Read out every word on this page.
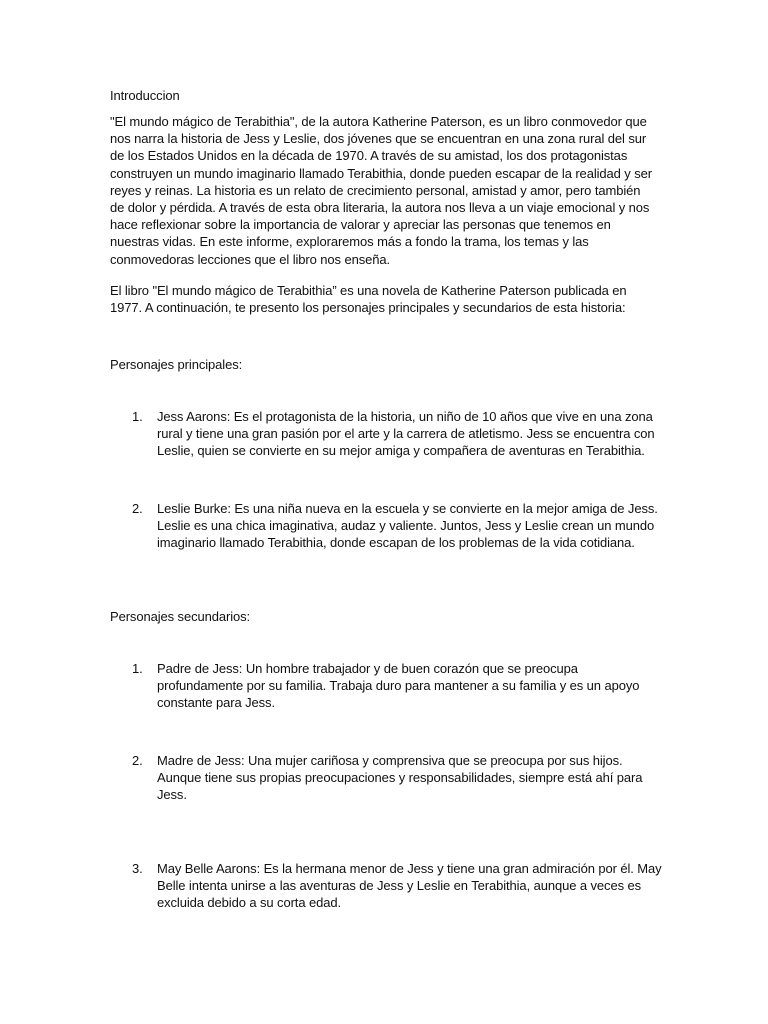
Introduccion

"El mundo mágico de Terabithia", de la autora Katherine Paterson, es un libro conmovedor que nos narra la historia de Jess y Leslie, dos jóvenes que se encuentran en una zona rural del sur de los Estados Unidos en la década de 1970. A través de su amistad, los dos protagonistas construyen un mundo imaginario llamado Terabithia, donde pueden escapar de la realidad y ser reyes y reinas. La historia es un relato de crecimiento personal, amistad y amor, pero también de dolor y pérdida. A través de esta obra literaria, la autora nos lleva a un viaje emocional y nos hace reflexionar sobre la importancia de valorar y apreciar las personas que tenemos en nuestras vidas. En este informe, exploraremos más a fondo la trama, los temas y las conmovedoras lecciones que el libro nos enseña.

El libro "El mundo mágico de Terabithia” es una novela de Katherine Paterson publicada en 1977. A continuación, te presento los personajes principales y secundarios de esta historia:

Personajes principales:

1. Jess Aarons: Es el protagonista de la historia, un niño de 10 años que vive en una zona rural y tiene una gran pasión por el arte y la carrera de atletismo. Jess se encuentra con Leslie, quien se convierte en su mejor amiga y compañera de aventuras en Terabithia.

2. Leslie Burke: Es una niña nueva en la escuela y se convierte en la mejor amiga de Jess. Leslie es una chica imaginativa, audaz y valiente. Juntos, Jess y Leslie crean un mundo imaginario llamado Terabithia, donde escapan de los problemas de la vida cotidiana.

Personajes secundarios:

1. Padre de Jess: Un hombre trabajador y de buen corazón que se preocupa profundamente por su familia. Trabaja duro para mantener a su familia y es un apoyo constante para Jess.

2. Madre de Jess: Una mujer cariñosa y comprensiva que se preocupa por sus hijos. Aunque tiene sus propias preocupaciones y responsabilidades, siempre está ahí para Jess.

3. May Belle Aarons: Es la hermana menor de Jess y tiene una gran admiración por él. May Belle intenta unirse a las aventuras de Jess y Leslie en Terabithia, aunque a veces es excluida debido a su corta edad.
